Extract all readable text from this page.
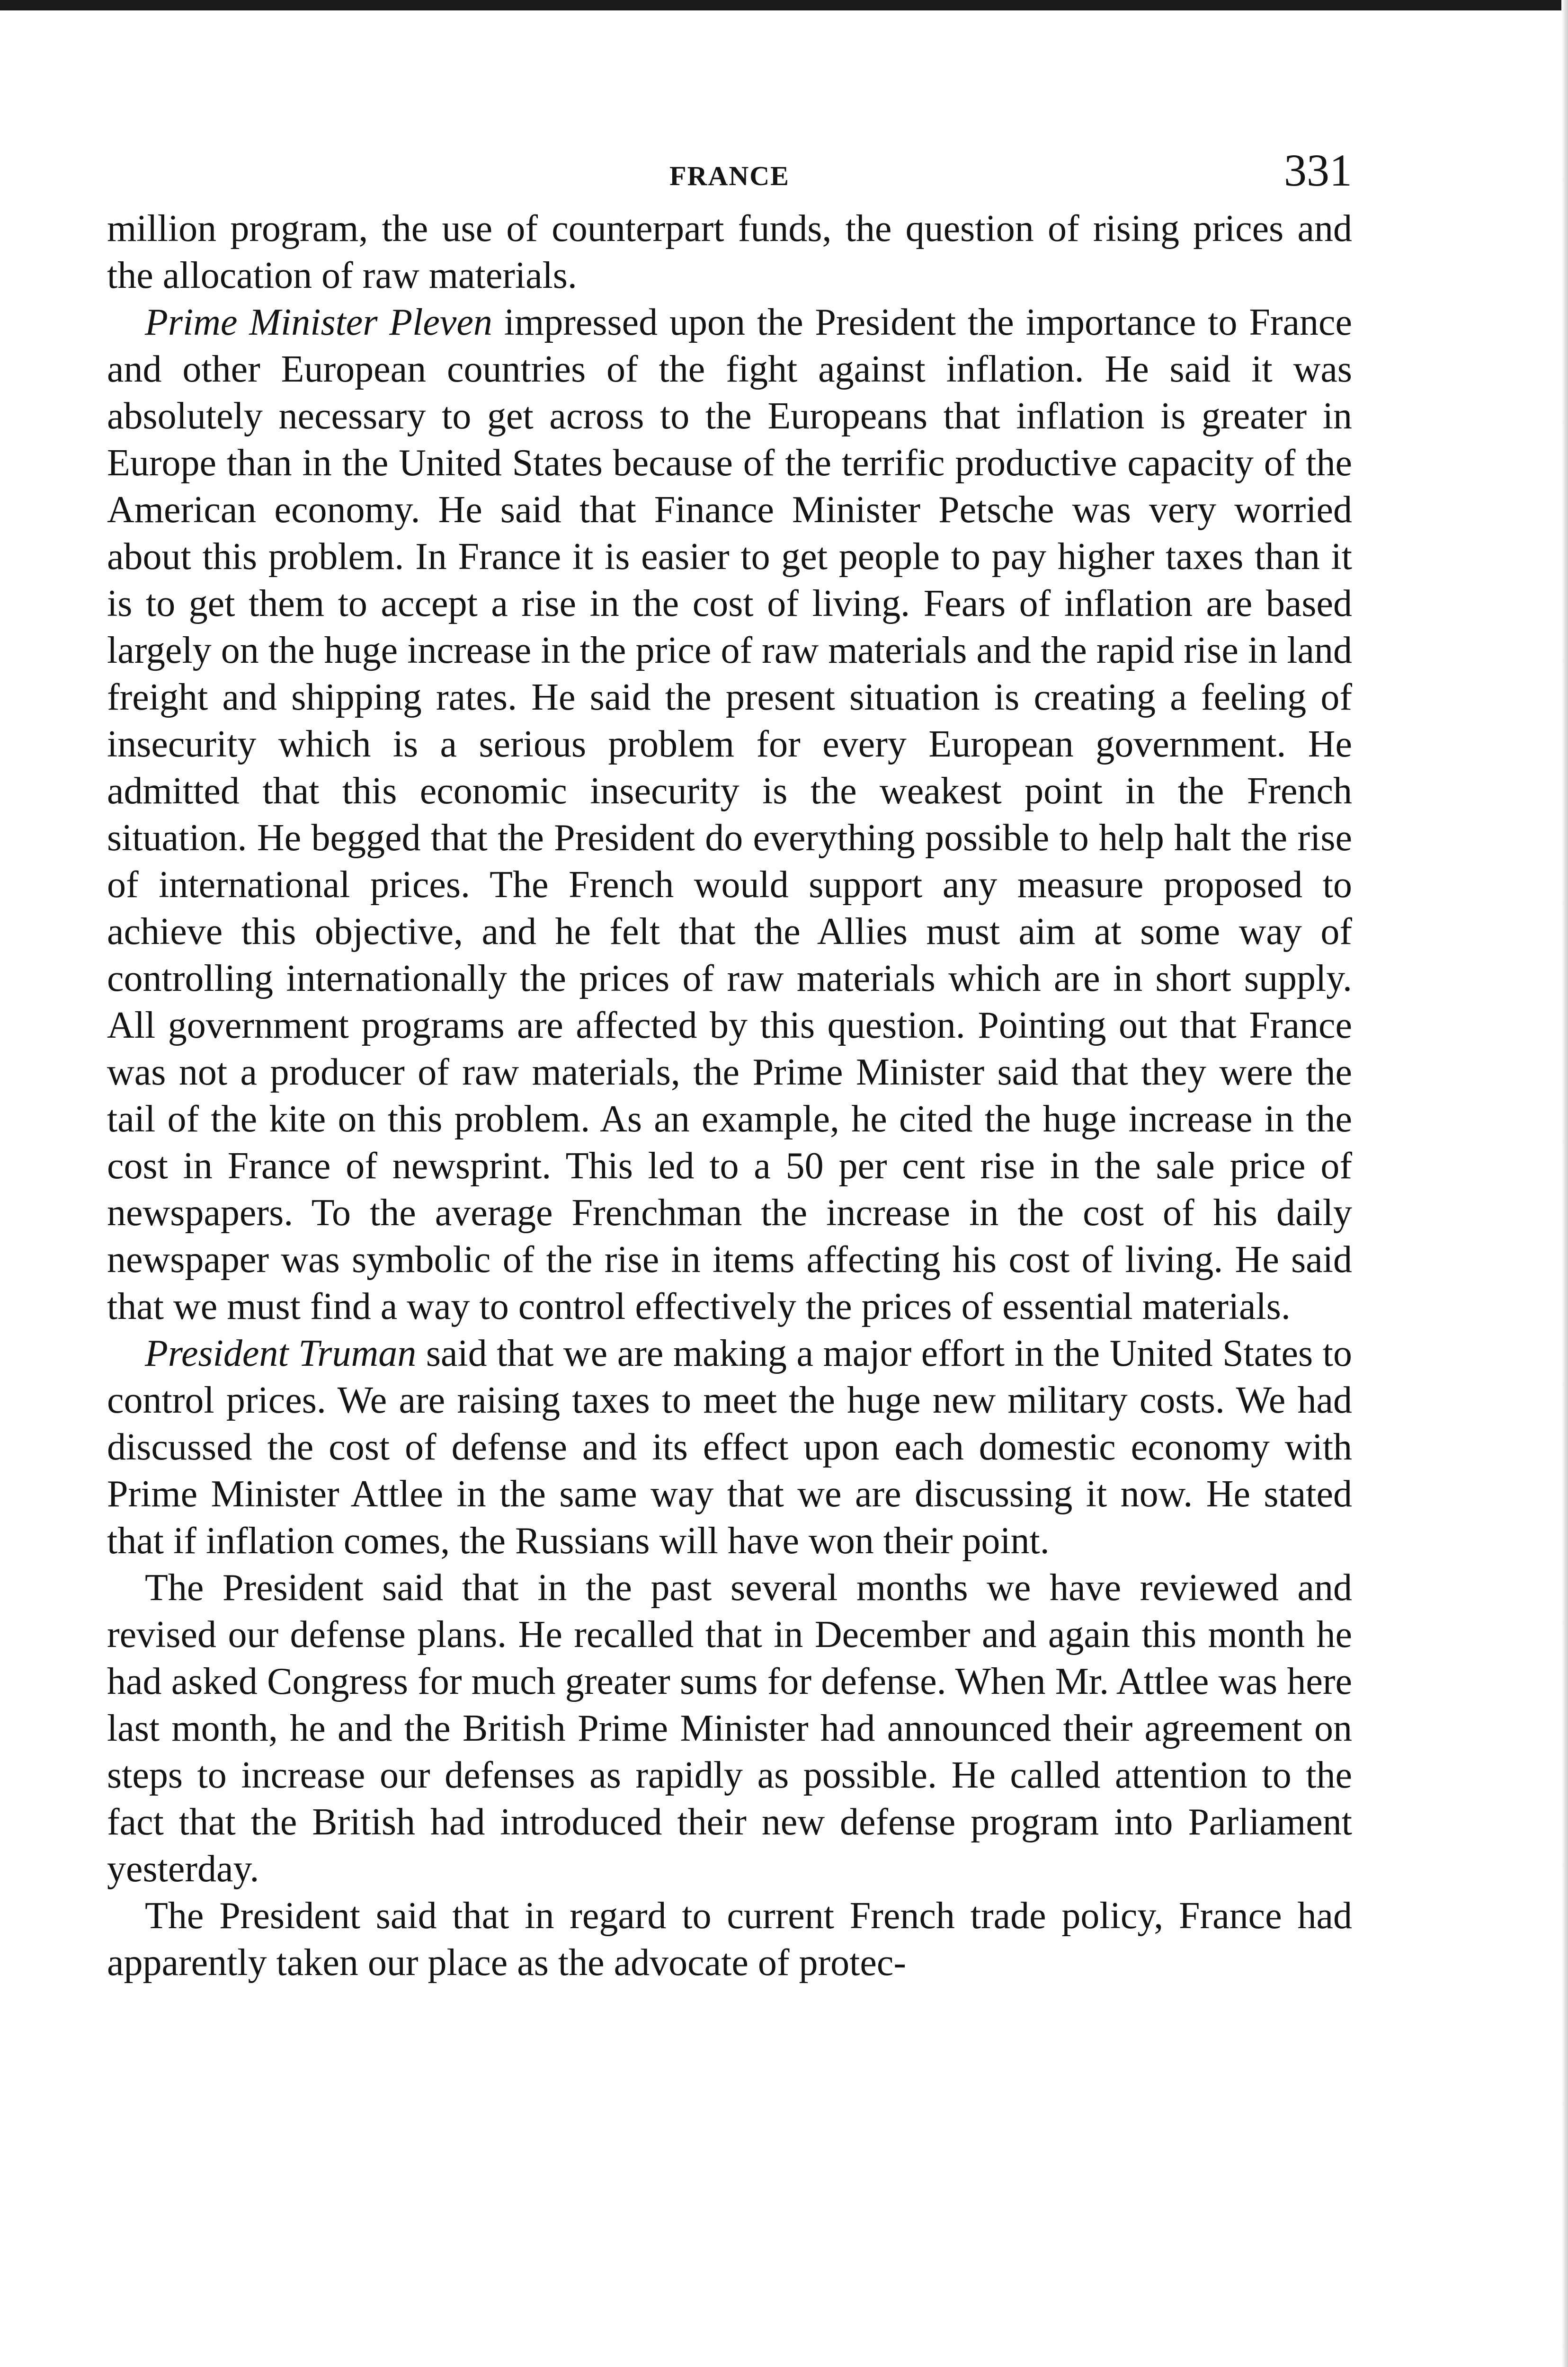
FRANCE	331

million program, the use of counterpart funds, the question of rising prices and the allocation of raw materials.

Prime Minister Pleven impressed upon the President the importance to France and other European countries of the fight against inflation. He said it was absolutely necessary to get across to the Europeans that inflation is greater in Europe than in the United States because of the terrific productive capacity of the American economy. He said that Finance Minister Petsche was very worried about this problem. In France it is easier to get people to pay higher taxes than it is to get them to accept a rise in the cost of living. Fears of inflation are based largely on the huge increase in the price of raw materials and the rapid rise in land freight and shipping rates. He said the present situation is creating a feeling of insecurity which is a serious problem for every European government. He admitted that this economic insecurity is the weakest point in the French situation. He begged that the President do everything possible to help halt the rise of international prices. The French would support any measure proposed to achieve this objective, and he felt that the Allies must aim at some way of controlling internationally the prices of raw materials which are in short supply. All government programs are affected by this question. Pointing out that France was not a producer of raw materials, the Prime Minister said that they were the tail of the kite on this problem. As an example, he cited the huge increase in the cost in France of newsprint. This led to a 50 per cent rise in the sale price of newspapers. To the average Frenchman the increase in the cost of his daily newspaper was symbolic of the rise in items affecting his cost of living. He said that we must find a way to control effectively the prices of essential materials.

President Truman said that we are making a major effort in the United States to control prices. We are raising taxes to meet the huge new military costs. We had discussed the cost of defense and its effect upon each domestic economy with Prime Minister Attlee in the same way that we are discussing it now. He stated that if inflation comes, the Russians will have won their point.

The President said that in the past several months we have reviewed and revised our defense plans. He recalled that in December and again this month he had asked Congress for much greater sums for defense. When Mr. Attlee was here last month, he and the British Prime Minister had announced their agreement on steps to increase our defenses as rapidly as possible. He called attention to the fact that the British had introduced their new defense program into Parliament yesterday.

The President said that in regard to current French trade policy, France had apparently taken our place as the advocate of protec-
